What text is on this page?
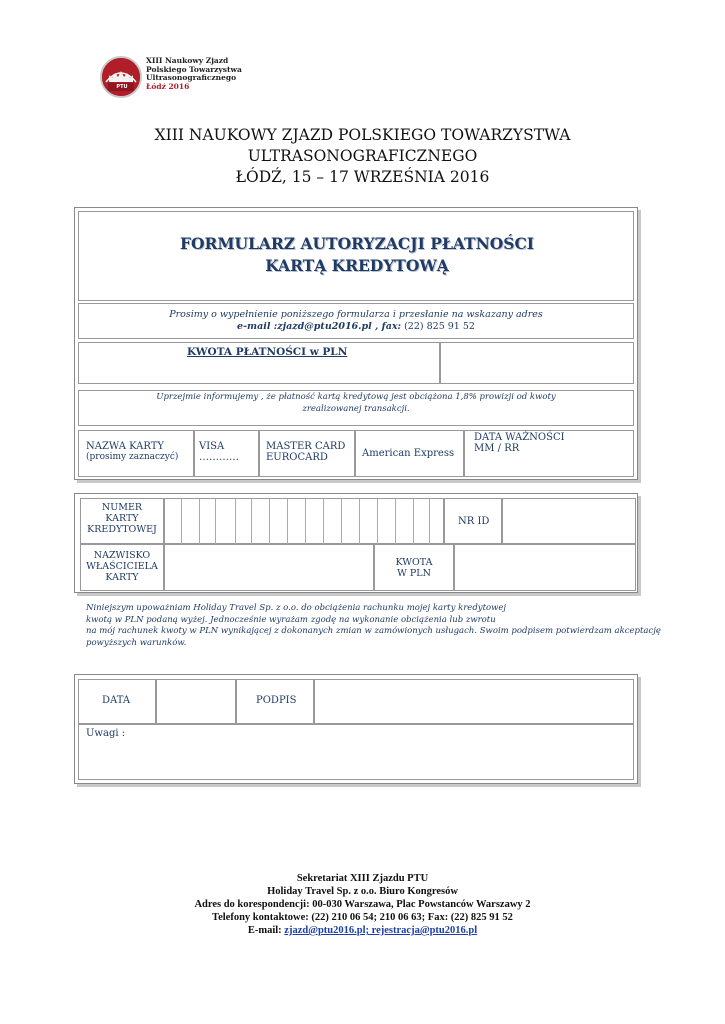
PTU
XIII Naukowy Zjazd
Polskiego Towarzystwa
Ultrasonograficznego
Łódź 2016
XIII NAUKOWY ZJAZD POLSKIEGO TOWARZYSTWA
ULTRASONOGRAFICZNEGO
ŁÓDŹ, 15 – 17 WRZEŚNIA 2016
FORMULARZ AUTORYZACJI PŁATNOŚCI
KARTĄ KREDYTOWĄ
Prosimy o wypełnienie poniższego formularza i przesłanie na wskazany adres
e-mail :zjazd@ptu2016.pl , fax: (22) 825 91 52
KWOTA PŁATNOŚCI w PLN
Uprzejmie informujemy , że płatność kartą kredytową jest obciążona 1,8% prowizji od kwoty
zrealizowanej transakcji.
NAZWA KARTY
(prosimy zaznaczyć)
VISA
…………
MASTER CARD
EUROCARD	American Express
DATA WAŻNOŚCI
MM / RR
NUMER
KARTY
KREDYTOWEJ
NR ID
NAZWISKO
WŁAŚCICIELA
KARTY
KWOTA
W PLN
Niniejszym upoważniam Holiday Travel Sp. z o.o. do obciążenia rachunku mojej karty kredytowej
kwotą w PLN podaną wyżej. Jednocześnie wyrażam zgodę na wykonanie obciążenia lub zwrotu
na mój rachunek kwoty w PLN wynikającej z dokonanych zmian w zamówionych usługach. Swoim podpisem potwierdzam akceptację
powyższych warunków.
DATA	PODPIS
Uwagi :
Sekretariat XIII Zjazdu PTU
Holiday Travel Sp. z o.o. Biuro Kongresów
Adres do korespondencji: 00-030 Warszawa, Plac Powstanców Warszawy 2
Telefony kontaktowe: (22) 210 06 54; 210 06 63; Fax: (22) 825 91 52
E-mail: zjazd@ptu2016.pl; rejestracja@ptu2016.pl
